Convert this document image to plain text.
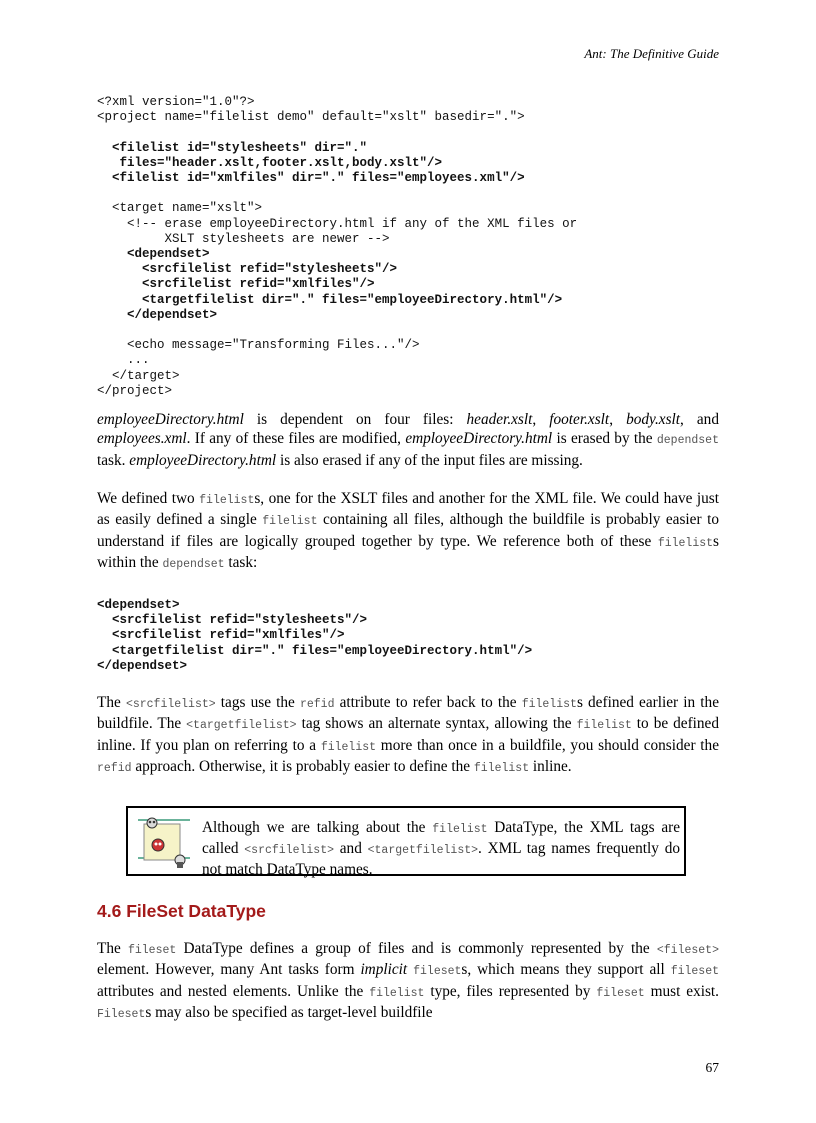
Ant: The Definitive Guide
<?xml version="1.0"?>
<project name="filelist demo" default="xslt" basedir=".">

<filelist id="stylesheets" dir="."
files="header.xslt,footer.xslt,body.xslt"/>
<filelist id="xmlfiles" dir="." files="employees.xml"/>

<target name="xslt">
<!-- erase employeeDirectory.html if any of the XML files or
XSLT stylesheets are newer -->
<dependset>
<srcfilelist refid="stylesheets"/>
<srcfilelist refid="xmlfiles"/>
<targetfilelist dir="." files="employeeDirectory.html"/>
</dependset>

<echo message="Transforming Files..."/>
...
</target>
</project>

employeeDirectory.html is dependent on four files: header.xslt, footer.xslt, body.xslt, and employees.xml. If any of these files are modified, employeeDirectory.html is erased by the dependset task. employeeDirectory.html is also erased if any of the input files are missing.

We defined two filelists, one for the XSLT files and another for the XML file. We could have just as easily defined a single filelist containing all files, although the buildfile is probably easier to understand if files are logically grouped together by type. We reference both of these filelists within the dependset task:

<dependset>
<srcfilelist refid="stylesheets"/>
<srcfilelist refid="xmlfiles"/>
<targetfilelist dir="." files="employeeDirectory.html"/>
</dependset>

The <srcfilelist> tags use the refid attribute to refer back to the filelists defined earlier in the buildfile. The <targetfilelist> tag shows an alternate syntax, allowing the filelist to be defined inline. If you plan on referring to a filelist more than once in a buildfile, you should consider the refid approach. Otherwise, it is probably easier to define the filelist inline.

Although we are talking about the filelist DataType, the XML tags are called <srcfilelist> and <targetfilelist>. XML tag names frequently do not match DataType names.
4.6 FileSet DataType

The fileset DataType defines a group of files and is commonly represented by the <fileset> element. However, many Ant tasks form implicit filesets, which means they support all fileset attributes and nested elements. Unlike the filelist type, files represented by fileset must exist. Filesets may also be specified as target-level buildfile

67
